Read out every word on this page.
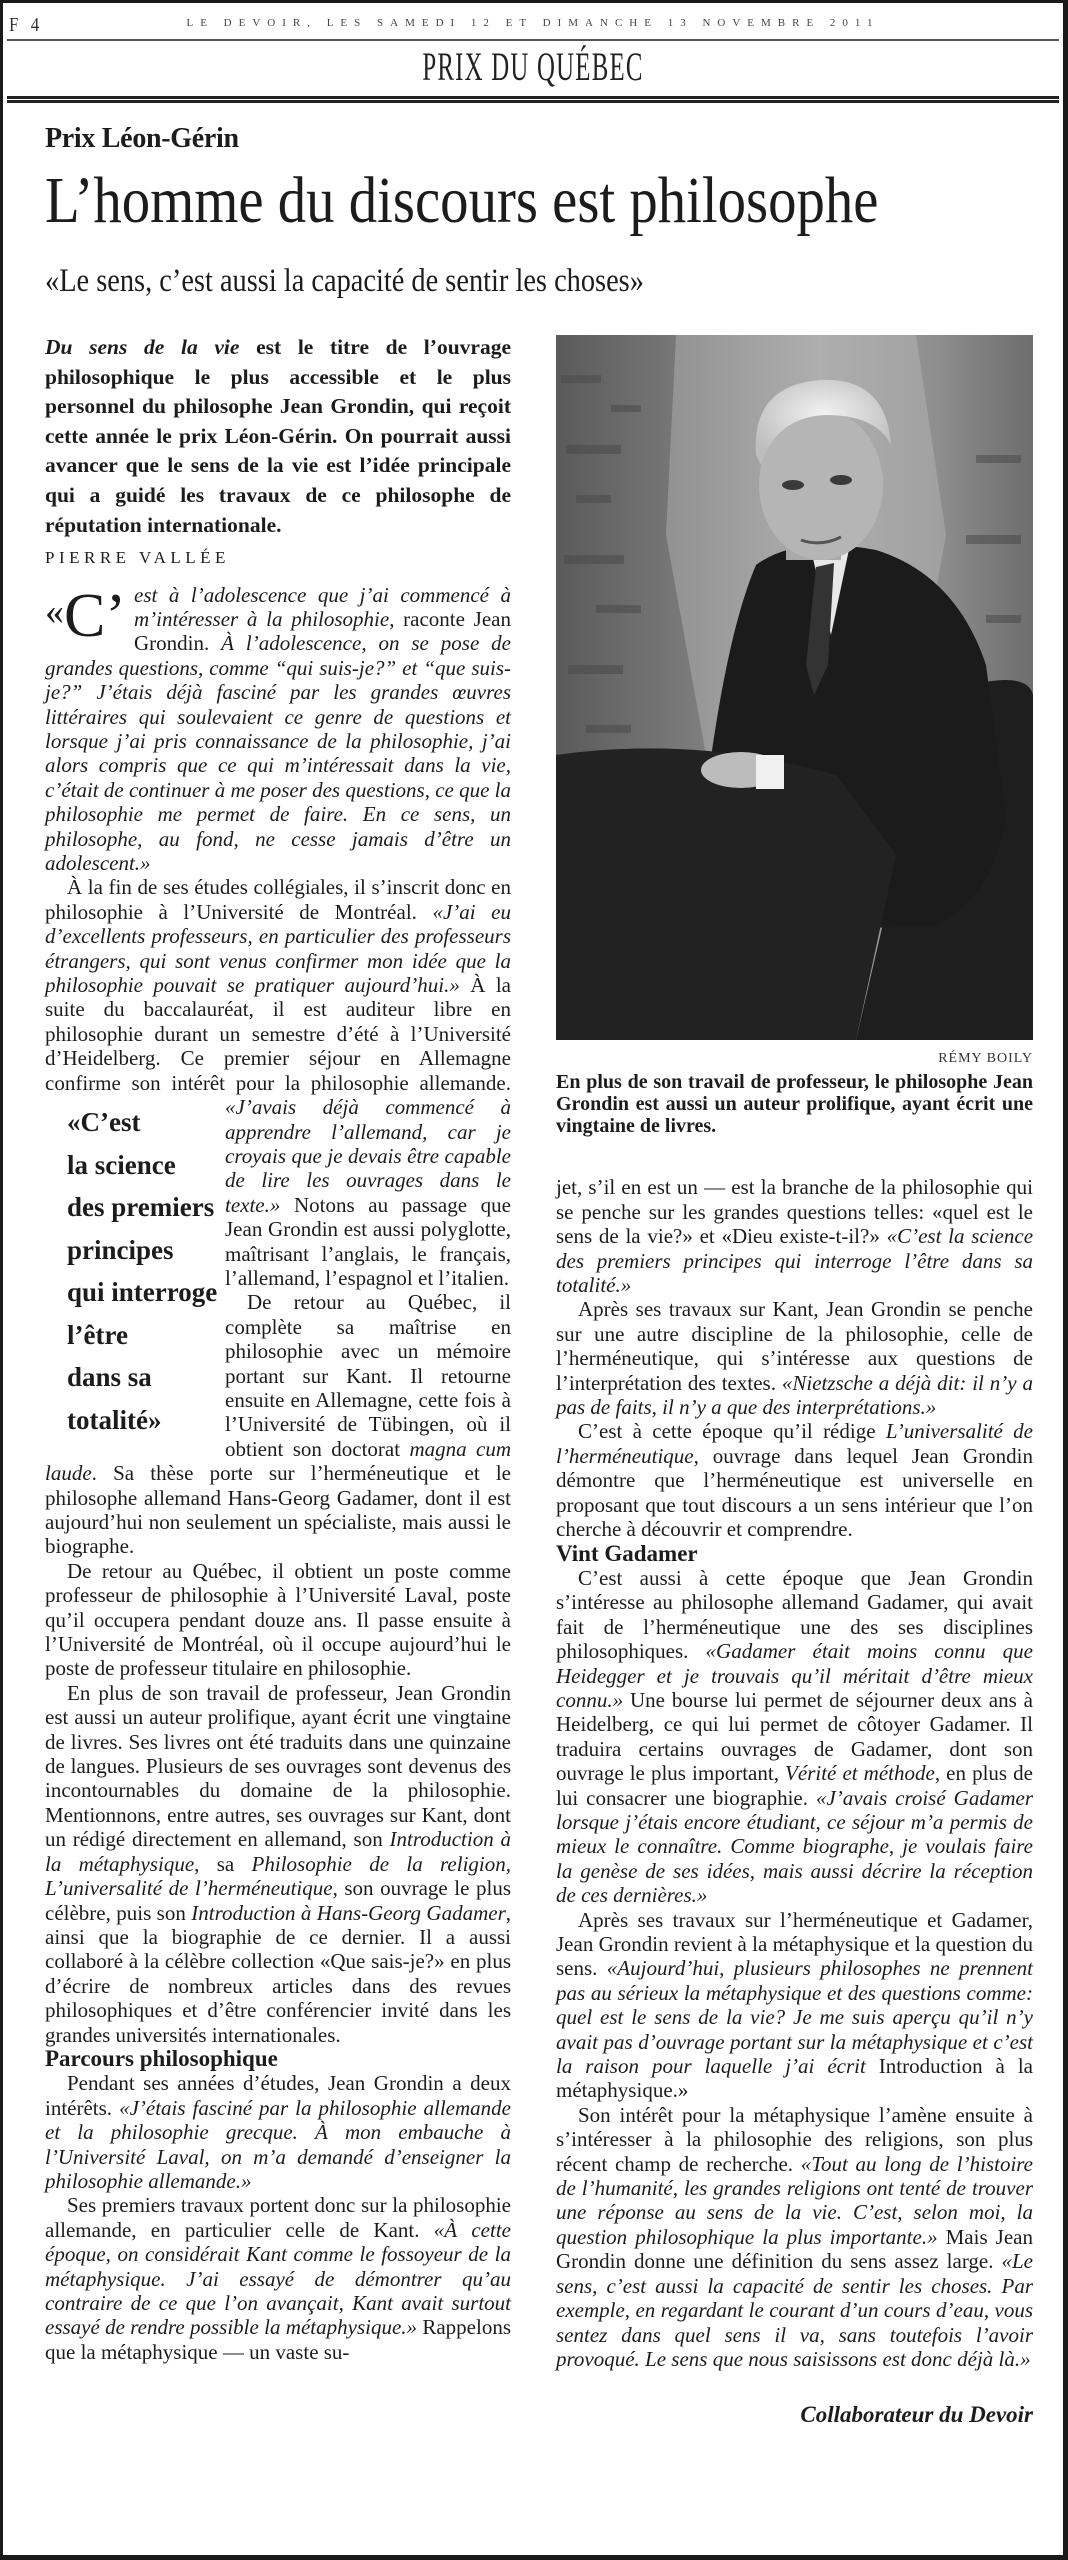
F 4	LE DEVOIR, LES SAMEDI 12 ET DIMANCHE 13 NOVEMBRE 2011
PRIX DU QUÉBEC
Prix Léon-Gérin
L’homme du discours est philosophe
«Le sens, c’est aussi la capacité de sentir les choses»

Du sens de la vie est le titre de l’ouvrage philosophique le plus accessible et le plus personnel du philosophe Jean Grondin, qui reçoit cette année le prix Léon-Gérin. On pourrait aussi avancer que le sens de la vie est l’idée principale qui a guidé les travaux de ce philosophe de réputation internationale.

PIERRE VALLÉE

«C’ est à l’adolescence que j’ai commencé à m’intéresser à la philosophie, raconte Jean Grondin. À l’adolescence, on se pose de grandes questions, comme “qui suis-je?” et “que suis-je?” J’étais déjà fasciné par les grandes œuvres littéraires qui soulevaient ce genre de questions et lorsque j’ai pris connaissance de la philosophie, j’ai alors compris que ce qui m’intéressait dans la vie, c’était de continuer à me poser des questions, ce que la philosophie me permet de faire. En ce sens, un philosophe, au fond, ne cesse jamais d’être un adolescent.»

À la fin de ses études collégiales, il s’inscrit donc en philosophie à l’Université de Montréal. «J’ai eu d’excellents professeurs, en particulier des professeurs étrangers, qui sont venus confirmer mon idée que la philosophie pouvait se pratiquer aujourd’hui.» À la suite du baccalauréat, il est auditeur libre en philosophie durant un semestre d’été à l’Université d’Heidelberg. Ce premier séjour en Allemagne confirme son intérêt pour la philosophie allemande.
«C’est
la science
des premiers
principes
qui interroge
l’être
dans sa
totalité»
«J’avais déjà commencé à apprendre l’allemand, car je croyais que je devais être capable de lire les ouvrages dans le texte.» Notons au passage que Jean Grondin est aussi polyglotte, maîtrisant l’anglais, le français, l’allemand, l’espagnol et l’italien.

De retour au Québec, il complète sa maîtrise en philosophie avec un mémoire portant sur Kant. Il retourne ensuite en Allemagne, cette fois à l’Université de Tübingen, où il obtient son doctorat magna cum laude. Sa thèse porte sur l’herméneutique et le philosophe allemand Hans-Georg Gadamer, dont il est aujourd’hui non seulement un spécialiste, mais aussi le biographe.

De retour au Québec, il obtient un poste comme professeur de philosophie à l’Université Laval, poste qu’il occupera pendant douze ans. Il passe ensuite à l’Université de Montréal, où il occupe aujourd’hui le poste de professeur titulaire en philosophie.

En plus de son travail de professeur, Jean Grondin est aussi un auteur prolifique, ayant écrit une vingtaine de livres. Ses livres ont été traduits dans une quinzaine de langues. Plusieurs de ses ouvrages sont devenus des incontournables du domaine de la philosophie. Mentionnons, entre autres, ses ouvrages sur Kant, dont un rédigé directement en allemand, son Introduction à la métaphysique, sa Philosophie de la religion, L’universalité de l’herméneutique, son ouvrage le plus célèbre, puis son Introduction à Hans-Georg Gadamer, ainsi que la biographie de ce dernier. Il a aussi collaboré à la célèbre collection «Que sais-je?» en plus d’écrire de nombreux articles dans des revues philosophiques et d’être conférencier invité dans les grandes universités internationales.

Parcours philosophique

Pendant ses années d’études, Jean Grondin a deux intérêts. «J’étais fasciné par la philosophie allemande et la philosophie grecque. À mon embauche à l’Université Laval, on m’a demandé d’enseigner la philosophie allemande.»

Ses premiers travaux portent donc sur la philosophie allemande, en particulier celle de Kant. «À cette époque, on considérait Kant comme le fossoyeur de la métaphysique. J’ai essayé de démontrer qu’au contraire de ce que l’on avançait, Kant avait surtout essayé de rendre possible la métaphysique.» Rappelons que la métaphysique — un vaste su-

RÉMY BOILY

En plus de son travail de professeur, le philosophe Jean Grondin est aussi un auteur prolifique, ayant écrit une vingtaine de livres.

jet, s’il en est un — est la branche de la philosophie qui se penche sur les grandes questions telles: «quel est le sens de la vie?» et «Dieu existe-t-il?» «C’est la science des premiers principes qui interroge l’être dans sa totalité.»

Après ses travaux sur Kant, Jean Grondin se penche sur une autre discipline de la philosophie, celle de l’herméneutique, qui s’intéresse aux questions de l’interprétation des textes. «Nietzsche a déjà dit: il n’y a pas de faits, il n’y a que des interprétations.»

C’est à cette époque qu’il rédige L’universalité de l’herméneutique, ouvrage dans lequel Jean Grondin démontre que l’herméneutique est universelle en proposant que tout discours a un sens intérieur que l’on cherche à découvrir et comprendre.

Vint Gadamer

C’est aussi à cette époque que Jean Grondin s’intéresse au philosophe allemand Gadamer, qui avait fait de l’herméneutique une des ses disciplines philosophiques. «Gadamer était moins connu que Heidegger et je trouvais qu’il méritait d’être mieux connu.» Une bourse lui permet de séjourner deux ans à Heidelberg, ce qui lui permet de côtoyer Gadamer. Il traduira certains ouvrages de Gadamer, dont son ouvrage le plus important, Vérité et méthode, en plus de lui consacrer une biographie. «J’avais croisé Gadamer lorsque j’étais encore étudiant, ce séjour m’a permis de mieux le connaître. Comme biographe, je voulais faire la genèse de ses idées, mais aussi décrire la réception de ces dernières.»

Après ses travaux sur l’herméneutique et Gadamer, Jean Grondin revient à la métaphysique et la question du sens. «Aujourd’hui, plusieurs philosophes ne prennent pas au sérieux la métaphysique et des questions comme: quel est le sens de la vie? Je me suis aperçu qu’il n’y avait pas d’ouvrage portant sur la métaphysique et c’est la raison pour laquelle j’ai écrit Introduction à la métaphysique.»

Son intérêt pour la métaphysique l’amène ensuite à s’intéresser à la philosophie des religions, son plus récent champ de recherche. «Tout au long de l’histoire de l’humanité, les grandes religions ont tenté de trouver une réponse au sens de la vie. C’est, selon moi, la question philosophique la plus importante.» Mais Jean Grondin donne une définition du sens assez large. «Le sens, c’est aussi la capacité de sentir les choses. Par exemple, en regardant le courant d’un cours d’eau, vous sentez dans quel sens il va, sans toutefois l’avoir provoqué. Le sens que nous saisissons est donc déjà là.»

Collaborateur du Devoir
